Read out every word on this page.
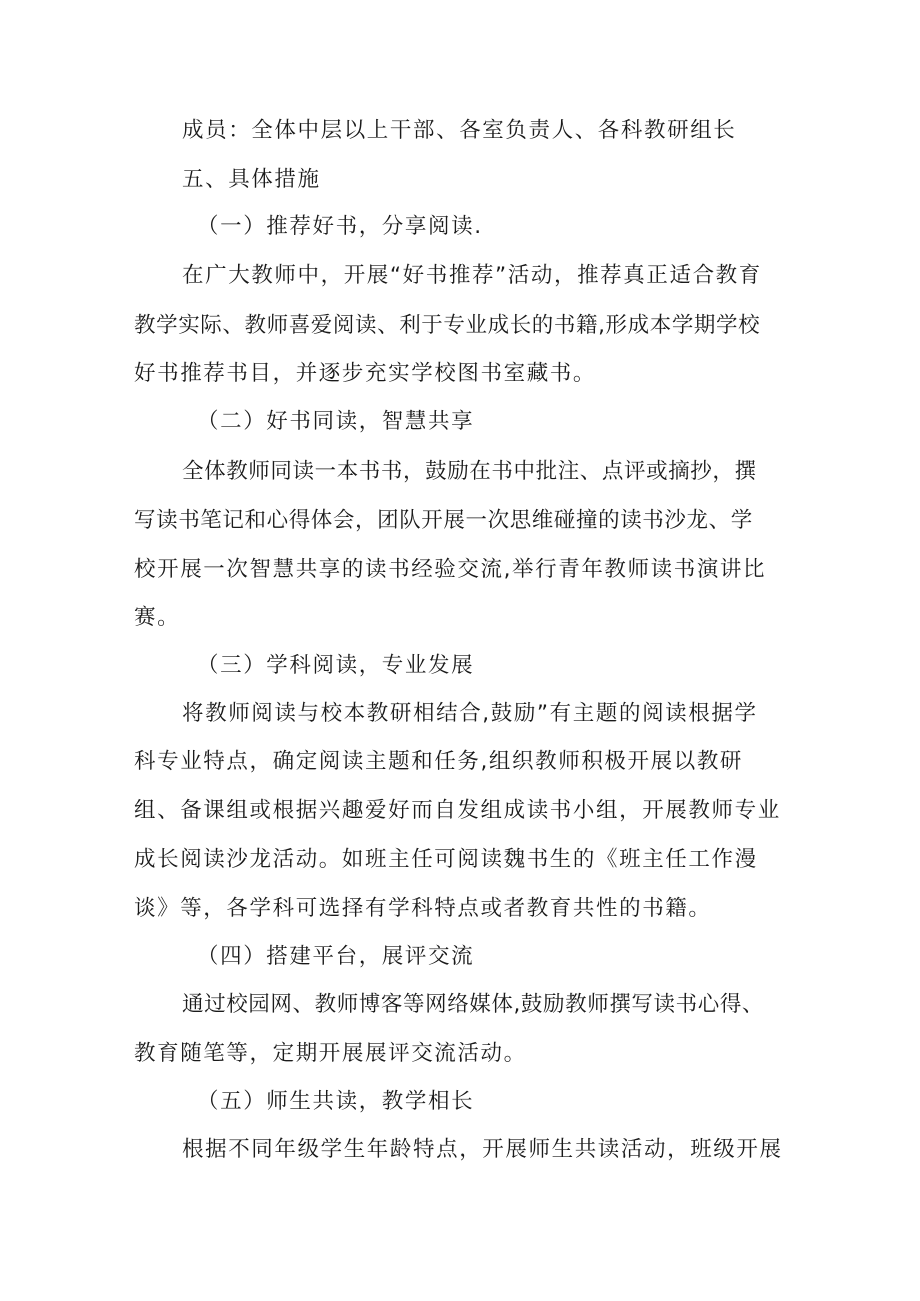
成员：全体中层以上干部、各室负责人、各科教研组长

五、具体措施

（一）推荐好书，分享阅读.

在广大教师中，开展“好书推荐”活动，推荐真正适合教育

教学实际、教师喜爱阅读、利于专业成长的书籍,形成本学期学校

好书推荐书目，并逐步充实学校图书室藏书。

（二）好书同读，智慧共享

全体教师同读一本书书，鼓励在书中批注、点评或摘抄，撰

写读书笔记和心得体会，团队开展一次思维碰撞的读书沙龙、学

校开展一次智慧共享的读书经验交流,举行青年教师读书演讲比

赛。

（三）学科阅读，专业发展

将教师阅读与校本教研相结合,鼓励”有主题的阅读根据学

科专业特点，确定阅读主题和任务,组织教师积极开展以教研

组、备课组或根据兴趣爱好而自发组成读书小组，开展教师专业

成长阅读沙龙活动。如班主任可阅读魏书生的《班主任工作漫

谈》等，各学科可选择有学科特点或者教育共性的书籍。

（四）搭建平台，展评交流

通过校园网、教师博客等网络媒体,鼓励教师撰写读书心得、

教育随笔等，定期开展展评交流活动。

（五）师生共读，教学相长

根据不同年级学生年龄特点，开展师生共读活动，班级开展
